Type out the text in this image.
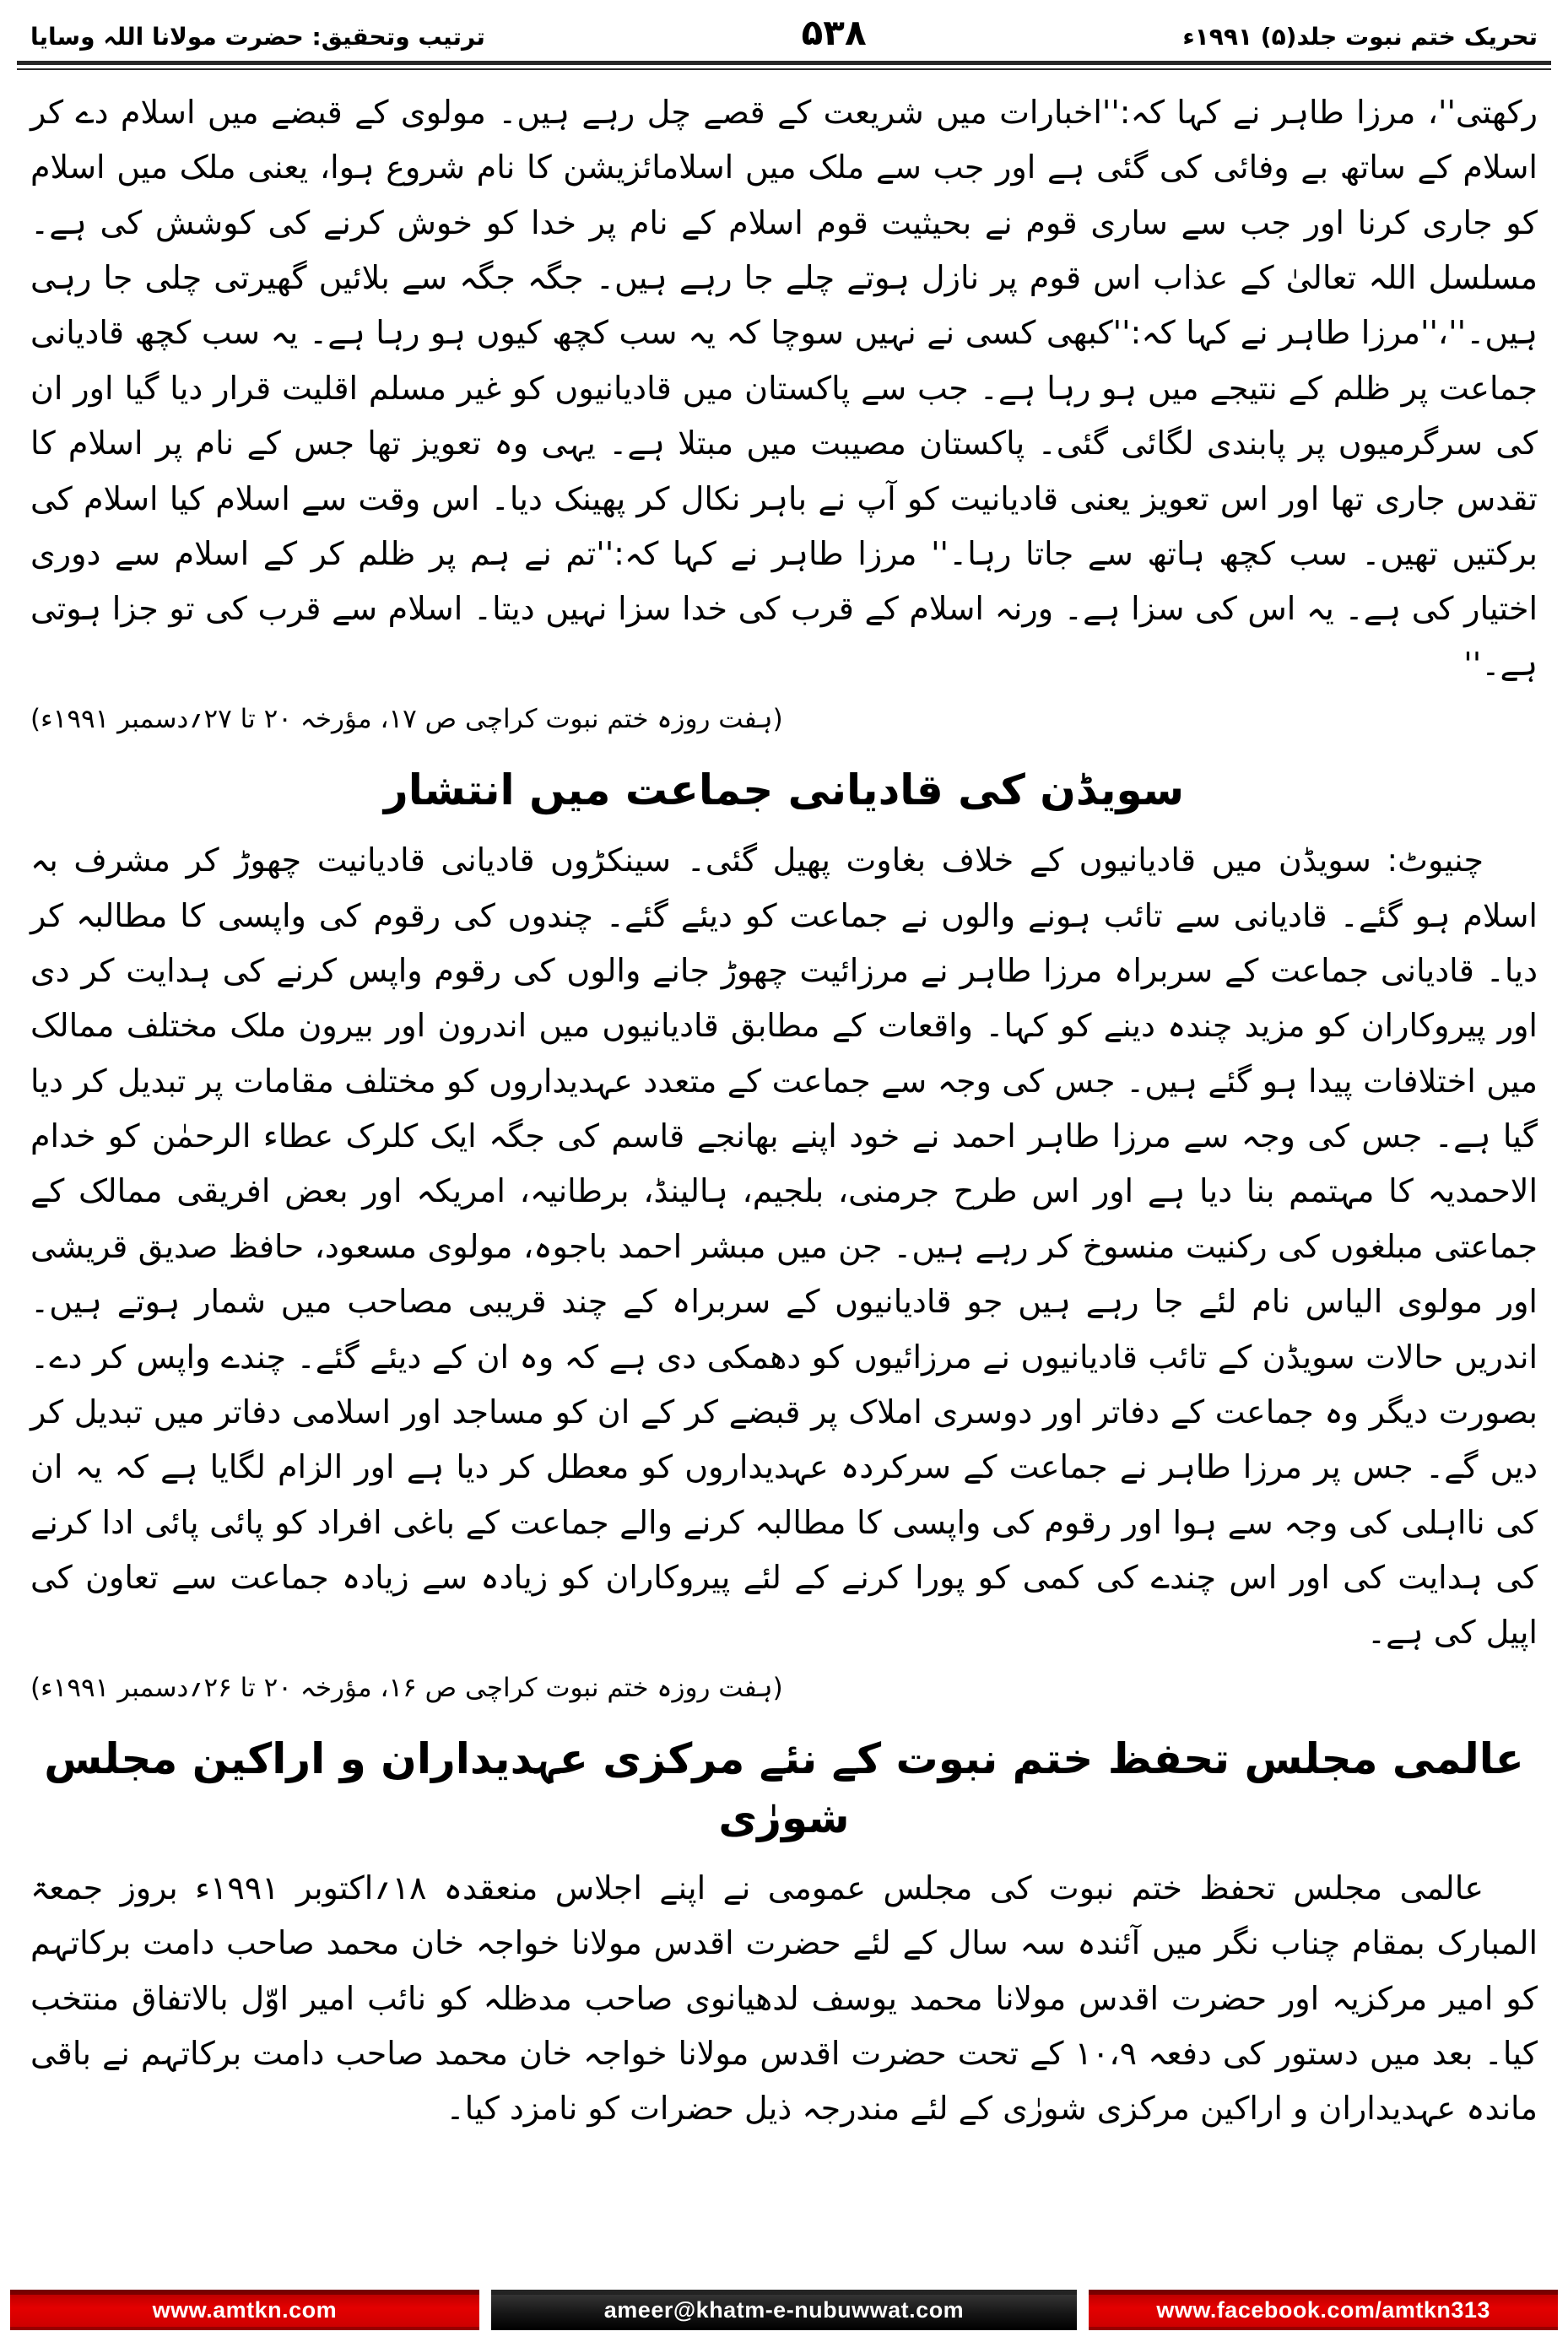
تحریک ختم نبوت جلد(۵) ۱۹۹۱ء
۵۳۸
ترتیب وتحقیق: حضرت مولانا اللہ وسایا

رکھتی''، مرزا طاہر نے کہا کہ:''اخبارات میں شریعت کے قصے چل رہے ہیں۔ مولوی کے قبضے میں اسلام دے کر اسلام کے ساتھ بے وفائی کی گئی ہے اور جب سے ملک میں اسلامائزیشن کا نام شروع ہوا، یعنی ملک میں اسلام کو جاری کرنا اور جب سے ساری قوم نے بحیثیت قوم اسلام کے نام پر خدا کو خوش کرنے کی کوشش کی ہے۔ مسلسل اللہ تعالیٰ کے عذاب اس قوم پر نازل ہوتے چلے جا رہے ہیں۔ جگہ جگہ سے بلائیں گھیرتی چلی جا رہی ہیں۔''،''مرزا طاہر نے کہا کہ:''کبھی کسی نے نہیں سوچا کہ یہ سب کچھ کیوں ہو رہا ہے۔ یہ سب کچھ قادیانی جماعت پر ظلم کے نتیجے میں ہو رہا ہے۔ جب سے پاکستان میں قادیانیوں کو غیر مسلم اقلیت قرار دیا گیا اور ان کی سرگرمیوں پر پابندی لگائی گئی۔ پاکستان مصیبت میں مبتلا ہے۔ یہی وہ تعویز تھا جس کے نام پر اسلام کا تقدس جاری تھا اور اس تعویز یعنی قادیانیت کو آپ نے باہر نکال کر پھینک دیا۔ اس وقت سے اسلام کیا اسلام کی برکتیں تھیں۔ سب کچھ ہاتھ سے جاتا رہا۔'' مرزا طاہر نے کہا کہ:''تم نے ہم پر ظلم کر کے اسلام سے دوری اختیار کی ہے۔ یہ اس کی سزا ہے۔ ورنہ اسلام کے قرب کی خدا سزا نہیں دیتا۔ اسلام سے قرب کی تو جزا ہوتی ہے۔''

(ہفت روزہ ختم نبوت کراچی ص ۱۷، مؤرخہ ۲۰ تا ۲۷؍دسمبر ۱۹۹۱ء)

سویڈن کی قادیانی جماعت میں انتشار

چنیوٹ: سویڈن میں قادیانیوں کے خلاف بغاوت پھیل گئی۔ سینکڑوں قادیانی قادیانیت چھوڑ کر مشرف بہ اسلام ہو گئے۔ قادیانی سے تائب ہونے والوں نے جماعت کو دیئے گئے۔ چندوں کی رقوم کی واپسی کا مطالبہ کر دیا۔ قادیانی جماعت کے سربراہ مرزا طاہر نے مرزائیت چھوڑ جانے والوں کی رقوم واپس کرنے کی ہدایت کر دی اور پیروکاران کو مزید چندہ دینے کو کہا۔ واقعات کے مطابق قادیانیوں میں اندرون اور بیرون ملک مختلف ممالک میں اختلافات پیدا ہو گئے ہیں۔ جس کی وجہ سے جماعت کے متعدد عہدیداروں کو مختلف مقامات پر تبدیل کر دیا گیا ہے۔ جس کی وجہ سے مرزا طاہر احمد نے خود اپنے بھانجے قاسم کی جگہ ایک کلرک عطاء الرحمٰن کو خدام الاحمدیہ کا مہتمم بنا دیا ہے اور اس طرح جرمنی، بلجیم، ہالینڈ، برطانیہ، امریکہ اور بعض افریقی ممالک کے جماعتی مبلغوں کی رکنیت منسوخ کر رہے ہیں۔ جن میں مبشر احمد باجوہ، مولوی مسعود، حافظ صدیق قریشی اور مولوی الیاس نام لئے جا رہے ہیں جو قادیانیوں کے سربراہ کے چند قریبی مصاحب میں شمار ہوتے ہیں۔ اندریں حالات سویڈن کے تائب قادیانیوں نے مرزائیوں کو دھمکی دی ہے کہ وہ ان کے دیئے گئے۔ چندے واپس کر دے۔ بصورت دیگر وہ جماعت کے دفاتر اور دوسری املاک پر قبضے کر کے ان کو مساجد اور اسلامی دفاتر میں تبدیل کر دیں گے۔ جس پر مرزا طاہر نے جماعت کے سرکردہ عہدیداروں کو معطل کر دیا ہے اور الزام لگایا ہے کہ یہ ان کی نااہلی کی وجہ سے ہوا اور رقوم کی واپسی کا مطالبہ کرنے والے جماعت کے باغی افراد کو پائی پائی ادا کرنے کی ہدایت کی اور اس چندے کی کمی کو پورا کرنے کے لئے پیروکاران کو زیادہ سے زیادہ جماعت سے تعاون کی اپیل کی ہے۔

(ہفت روزہ ختم نبوت کراچی ص ۱۶، مؤرخہ ۲۰ تا ۲۶؍دسمبر ۱۹۹۱ء)

عالمی مجلس تحفظ ختم نبوت کے نئے مرکزی عہدیداران و اراکین مجلس شورٰی

عالمی مجلس تحفظ ختم نبوت کی مجلس عمومی نے اپنے اجلاس منعقدہ ۱۸؍اکتوبر ۱۹۹۱ء بروز جمعۃ المبارک بمقام چناب نگر میں آئندہ سہ سال کے لئے حضرت اقدس مولانا خواجہ خان محمد صاحب دامت برکاتہم کو امیر مرکزیہ اور حضرت اقدس مولانا محمد یوسف لدھیانوی صاحب مدظلہ کو نائب امیر اوّل بالاتفاق منتخب کیا۔ بعد میں دستور کی دفعہ ۱۰،۹ کے تحت حضرت اقدس مولانا خواجہ خان محمد صاحب دامت برکاتہم نے باقی ماندہ عہدیداران و اراکین مرکزی شورٰی کے لئے مندرجہ ذیل حضرات کو نامزد کیا۔

www.amtkn.com	ameer@khatm-e-nubuwwat.com	www.facebook.com/amtkn313
